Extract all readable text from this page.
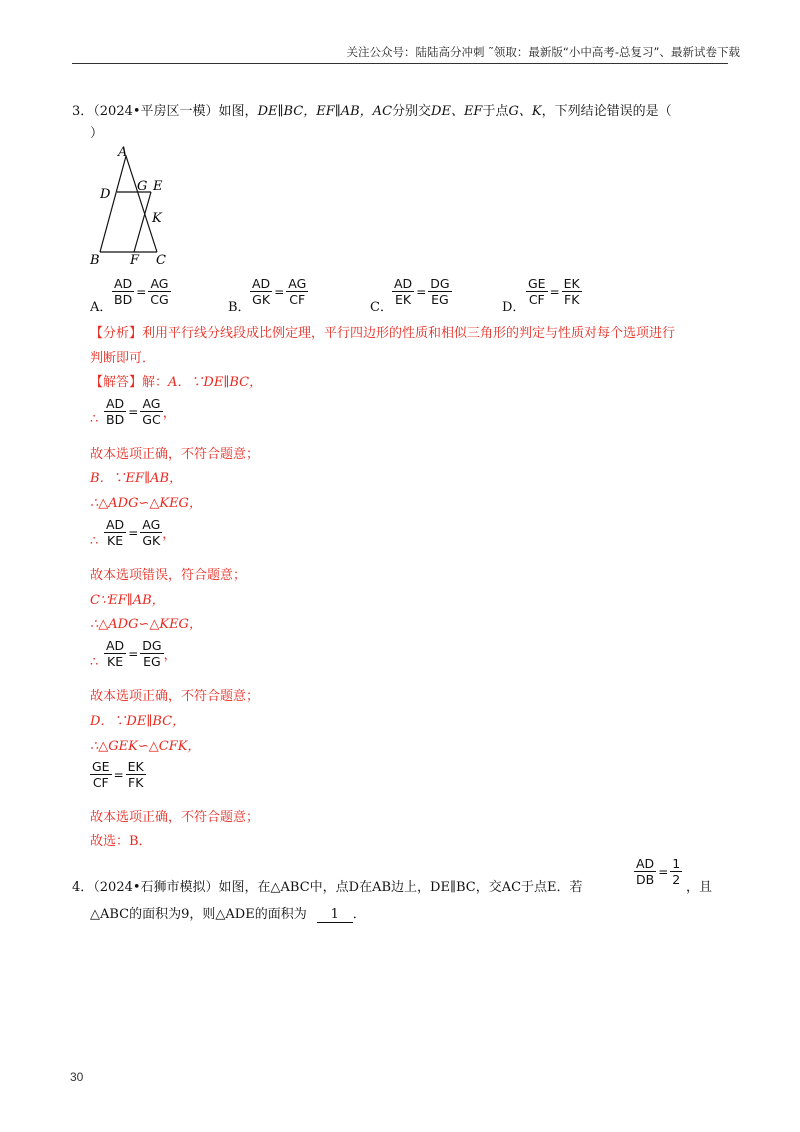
关注公众号：陆陆高分冲刺 ˜领取：最新版“小中高考-总复习”、最新试卷下载
3．（2024•平房区一模）如图，DE∥BC，EF∥AB，AC分别交DE、EF于点G、K，下列结论错误的是（
）
A
D
G E
K
B F C
A．
$\frac{AD}{BD} = \frac{AG}{CG}$
B．
$\frac{AD}{GK} = \frac{AG}{CF}$
C．
$\frac{AD}{EK} = \frac{DG}{EG}$
D．
$\frac{GE}{CF} = \frac{EK}{FK}$
【分析】利用平行线分线段成比例定理，平行四边形的性质和相似三角形的判定与性质对每个选项进行
判断即可．
【解答】解：A．∵DE∥BC，
∴ $\frac{AD}{BD} = \frac{AG}{GC}$ ，
故本选项正确，不符合题意；
B．∵EF∥AB，
∴△ADG∽△KEG，
∴ $\frac{AD}{KE} = \frac{AG}{GK}$ ，
故本选项错误，符合题意；
C∵EF∥AB，
∴△ADG∽△KEG，
∴ $\frac{AD}{KE} = \frac{DG}{EG}$ ，
故本选项正确，不符合题意；
D．∵DE∥BC，
∴△GEK∽△CFK，
$\frac{GE}{CF} = \frac{EK}{FK}$
故本选项正确，不符合题意；
故选：B．
4．（2024•石狮市模拟）如图，在△ABC中，点D在AB边上，DE∥BC，交AC于点E．若
$\frac{AD}{DB} = \frac{1}{2}$
，且
△ABC的面积为9，则△ADE的面积为 1 ．
30
